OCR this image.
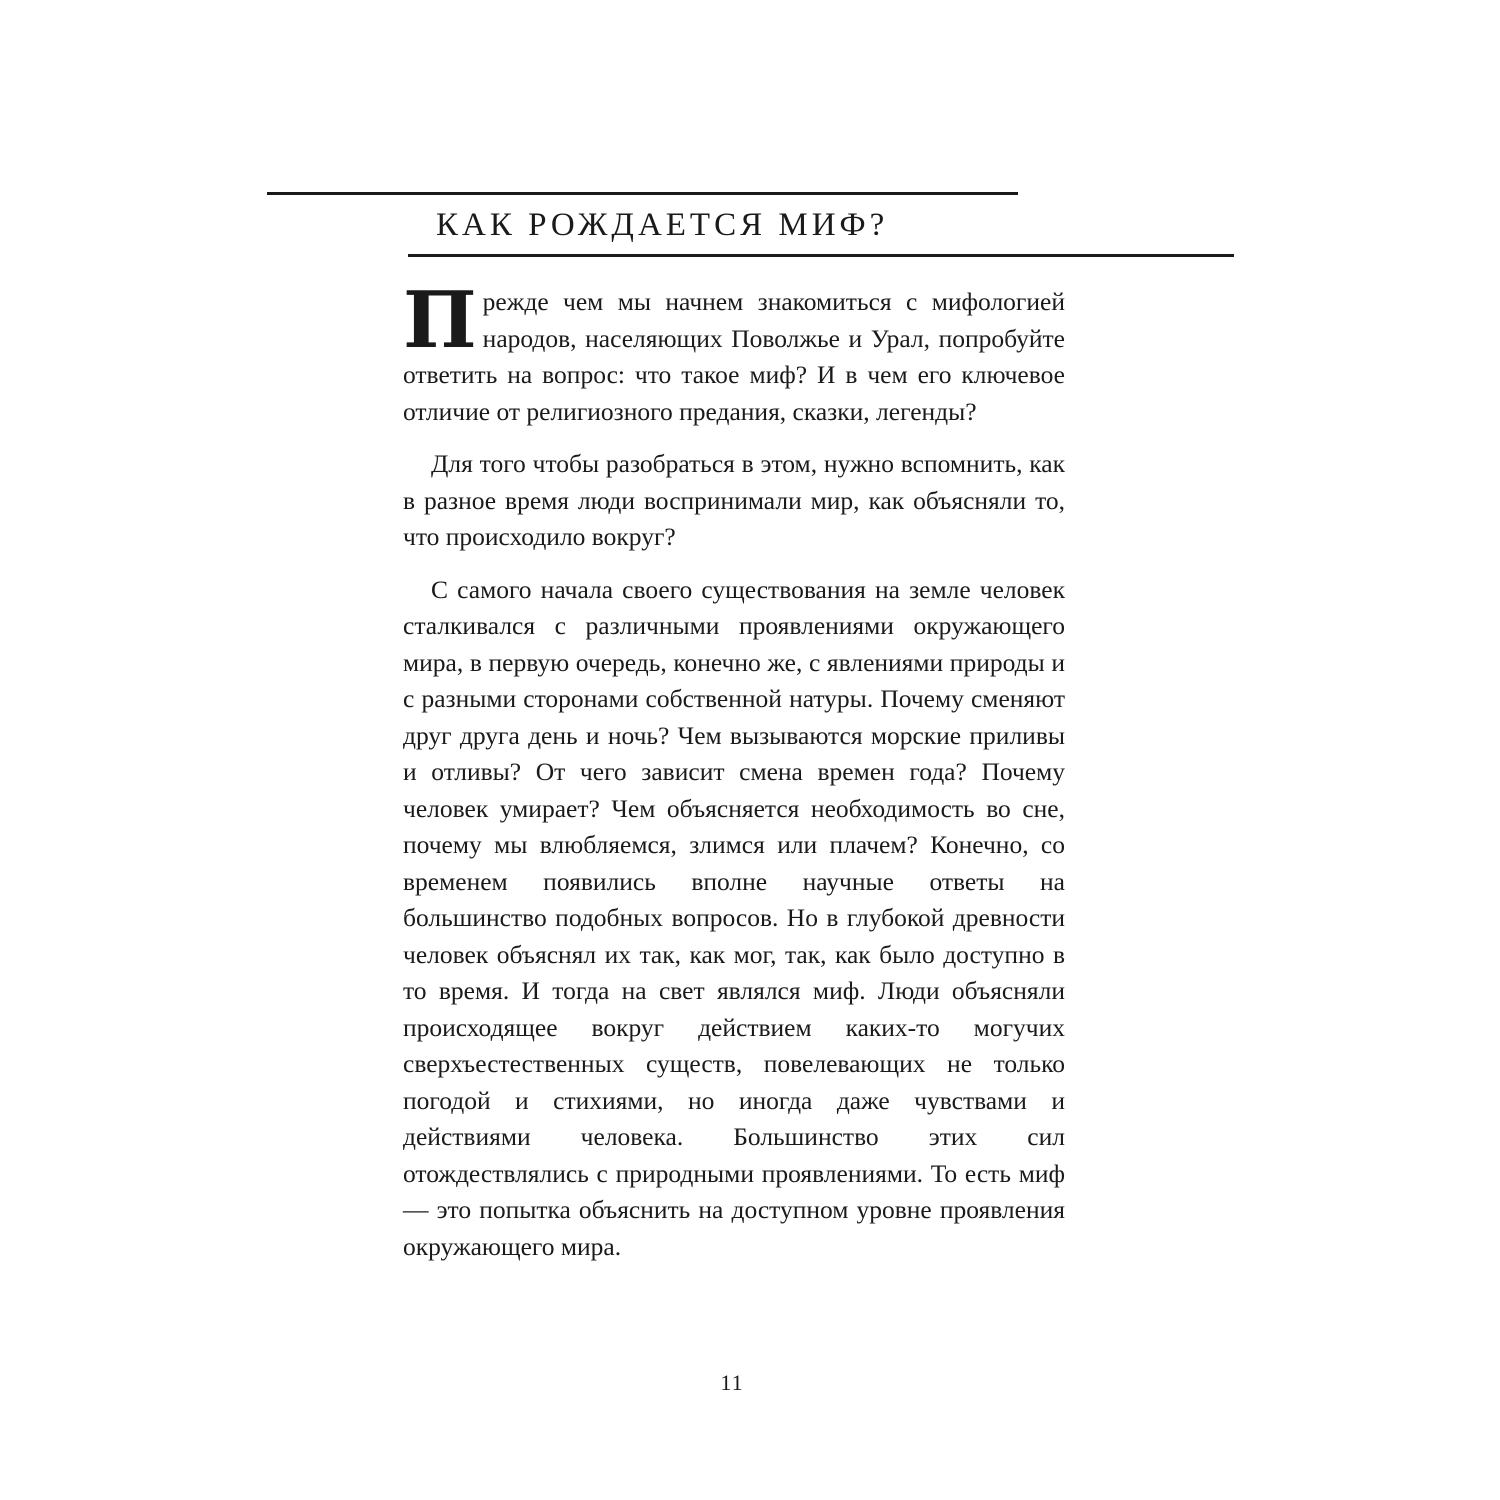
КАК РОЖДАЕТСЯ МИФ?

Прежде чем мы начнем знакомиться с мифологией народов, населяющих Поволжье и Урал, попробуйте ответить на вопрос: что такое миф? И в чем его ключевое отличие от религиозного предания, сказки, легенды?

Для того чтобы разобраться в этом, нужно вспомнить, как в разное время люди воспринимали мир, как объясняли то, что происходило вокруг?

С самого начала своего существования на земле человек сталкивался с различными проявлениями окружающего мира, в первую очередь, конечно же, с явлениями природы и с разными сторонами собственной натуры. Почему сменяют друг друга день и ночь? Чем вызываются морские приливы и отливы? От чего зависит смена времен года? Почему человек умирает? Чем объясняется необходимость во сне, почему мы влюбляемся, злимся или плачем? Конечно, со временем появились вполне научные ответы на большинство подобных вопросов. Но в глубокой древности человек объяснял их так, как мог, так, как было доступно в то время. И тогда на свет являлся миф. Люди объясняли происходящее вокруг действием каких-то могучих сверхъестественных существ, повелевающих не только погодой и стихиями, но иногда даже чувствами и действиями человека. Большинство этих сил отождествлялись с природными проявлениями. То есть миф — это попытка объяснить на доступном уровне проявления окружающего мира.

11
